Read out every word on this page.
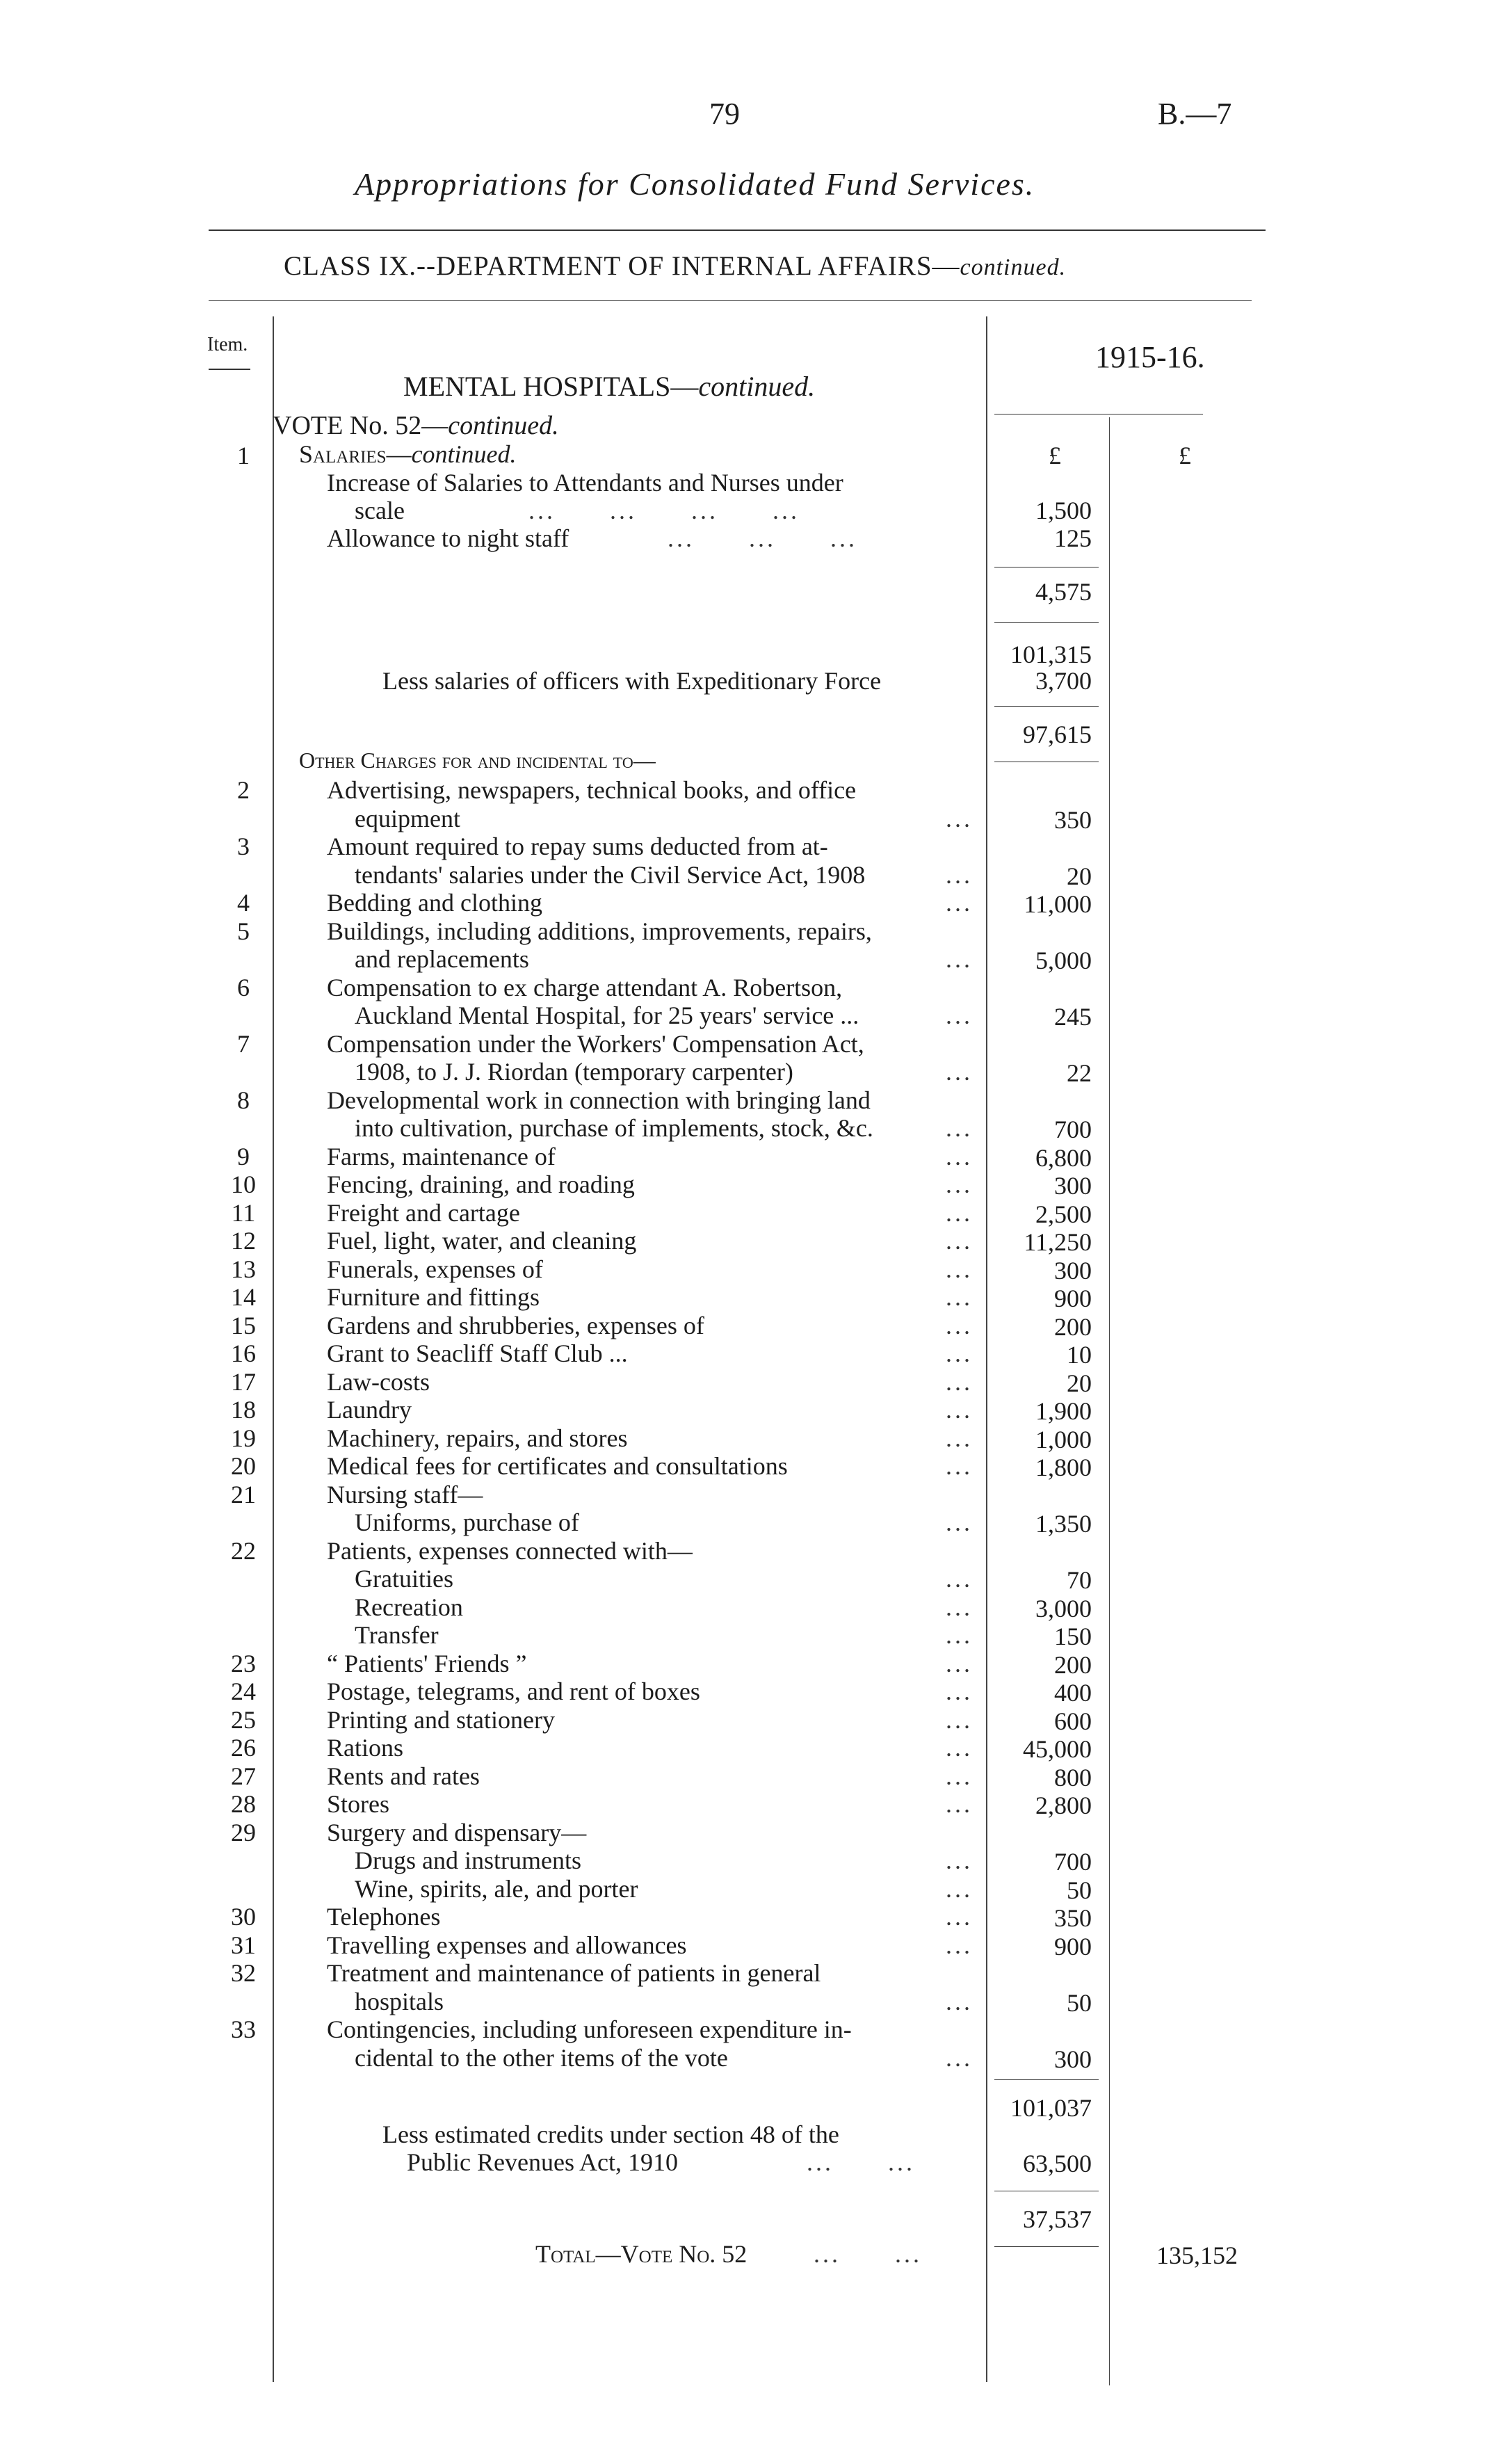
79	B.—7
Appropriations for Consolidated Fund Services.
CLASS IX.--DEPARTMENT OF INTERNAL AFFAIRS—continued.
Item.	1915-16.
MENTAL HOSPITALS—continued.
VOTE No. 52—continued.
1	Salaries—continued.	£	£
Increase of Salaries to Attendants and Nurses under
scale	...      ...      ...      ...	1,500
Allowance to night staff	...      ...      ...	125
4,575
101,315
Less salaries of officers with Expeditionary Force	3,700
97,615
Other Charges for and incidental to—
2	Advertising, newspapers, technical books, and office
equipment	...	350
3	Amount required to repay sums deducted from at-
tendants' salaries under the Civil Service Act, 1908	...	20
4	Bedding and clothing	...	11,000
5	Buildings, including additions, improvements, repairs,
and replacements	...	5,000
6	Compensation to ex charge attendant A. Robertson,
Auckland Mental Hospital, for 25 years' service ...	...	245
7	Compensation under the Workers' Compensation Act,
1908, to J. J. Riordan (temporary carpenter)	...	22
8	Developmental work in connection with bringing land
into cultivation, purchase of implements, stock, &c.	...	700
9	Farms, maintenance of	...	6,800
10	Fencing, draining, and roading	...	300
11	Freight and cartage	...	2,500
12	Fuel, light, water, and cleaning	...	11,250
13	Funerals, expenses of	...	300
14	Furniture and fittings	...	900
15	Gardens and shrubberies, expenses of	...	200
16	Grant to Seacliff Staff Club ...	...	10
17	Law-costs	...	20
18	Laundry	...	1,900
19	Machinery, repairs, and stores	...	1,000
20	Medical fees for certificates and consultations	...	1,800
21	Nursing staff—
Uniforms, purchase of	...	1,350
22	Patients, expenses connected with—
Gratuities	...	70
Recreation	...	3,000
Transfer	...	150
23	“ Patients' Friends ”	...	200
24	Postage, telegrams, and rent of boxes	...	400
25	Printing and stationery	...	600
26	Rations	...	45,000
27	Rents and rates	...	800
28	Stores	...	2,800
29	Surgery and dispensary—
Drugs and instruments	...	700
Wine, spirits, ale, and porter	...	50
30	Telephones	...	350
31	Travelling expenses and allowances	...	900
32	Treatment and maintenance of patients in general
hospitals	...	50
33	Contingencies, including unforeseen expenditure in-
cidental to the other items of the vote	...	300
101,037
Less estimated credits under section 48 of the
Public Revenues Act, 1910	...      ...	63,500
37,537
Total—Vote No. 52	...      ...	135,152
